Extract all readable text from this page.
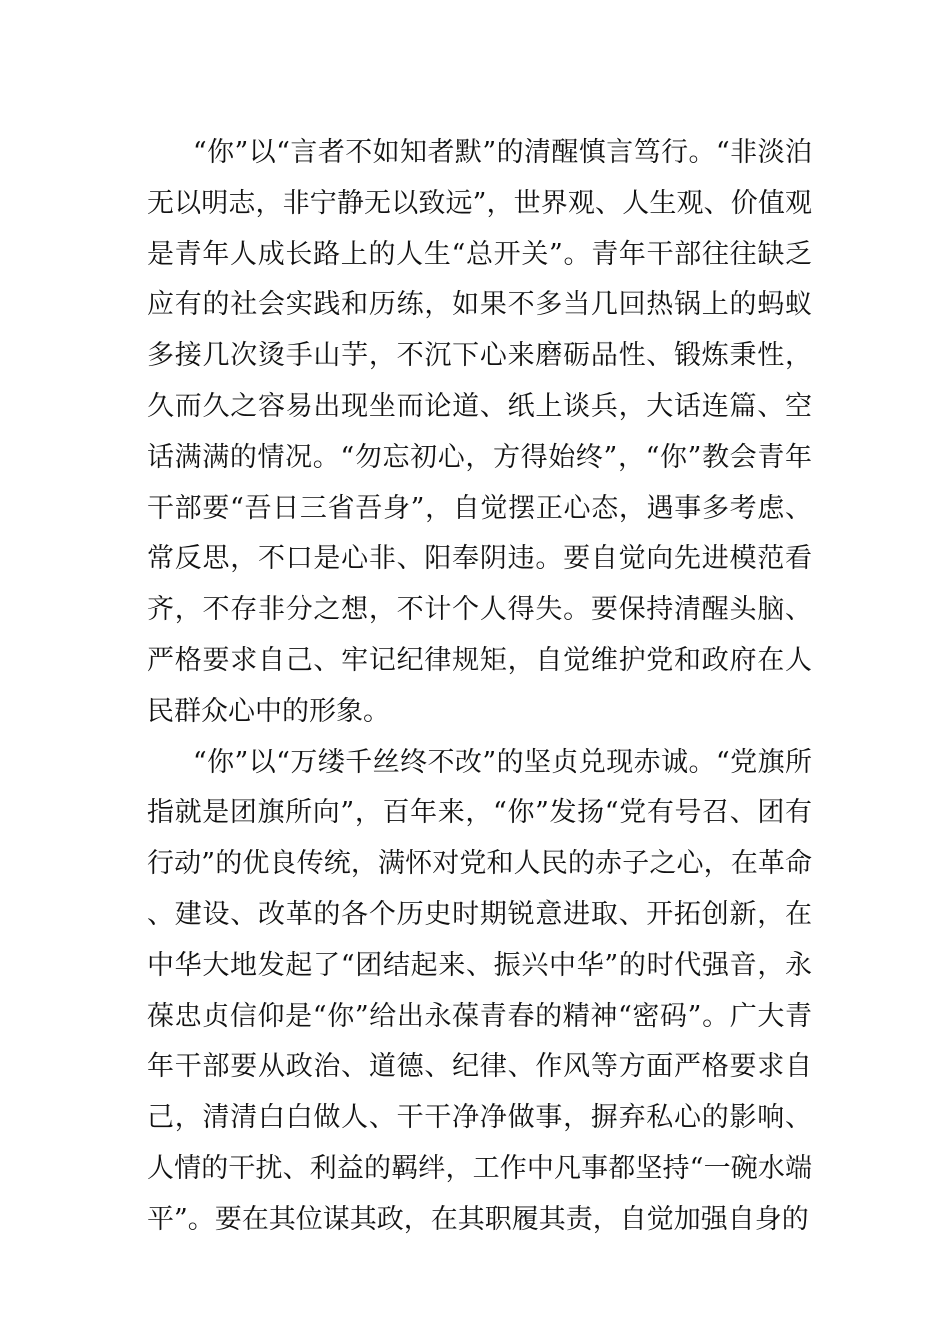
“你”以“言者不如知者默”的清醒慎言笃行。“非淡泊无以明志，非宁静无以致远”，世界观、人生观、价值观是青年人成长路上的人生“总开关”。青年干部往往缺乏应有的社会实践和历练，如果不多当几回热锅上的蚂蚁多接几次烫手山芋，不沉下心来磨砺品性、锻炼秉性，久而久之容易出现坐而论道、纸上谈兵，大话连篇、空话满满的情况。“勿忘初心，方得始终”，“你”教会青年干部要“吾日三省吾身”，自觉摆正心态，遇事多考虑、常反思，不口是心非、阳奉阴违。要自觉向先进模范看齐，不存非分之想，不计个人得失。要保持清醒头脑、严格要求自己、牢记纪律规矩，自觉维护党和政府在人民群众心中的形象。

“你”以“万缕千丝终不改”的坚贞兑现赤诚。“党旗所指就是团旗所向”，百年来，“你”发扬“党有号召、团有行动”的优良传统，满怀对党和人民的赤子之心，在革命、建设、改革的各个历史时期锐意进取、开拓创新，在中华大地发起了“团结起来、振兴中华”的时代强音，永葆忠贞信仰是“你”给出永葆青春的精神“密码”。广大青年干部要从政治、道德、纪律、作风等方面严格要求自己，清清白白做人、干干净净做事，摒弃私心的影响、人情的干扰、利益的羁绊，工作中凡事都坚持“一碗水端平”。要在其位谋其政，在其职履其责，自觉加强自身的
